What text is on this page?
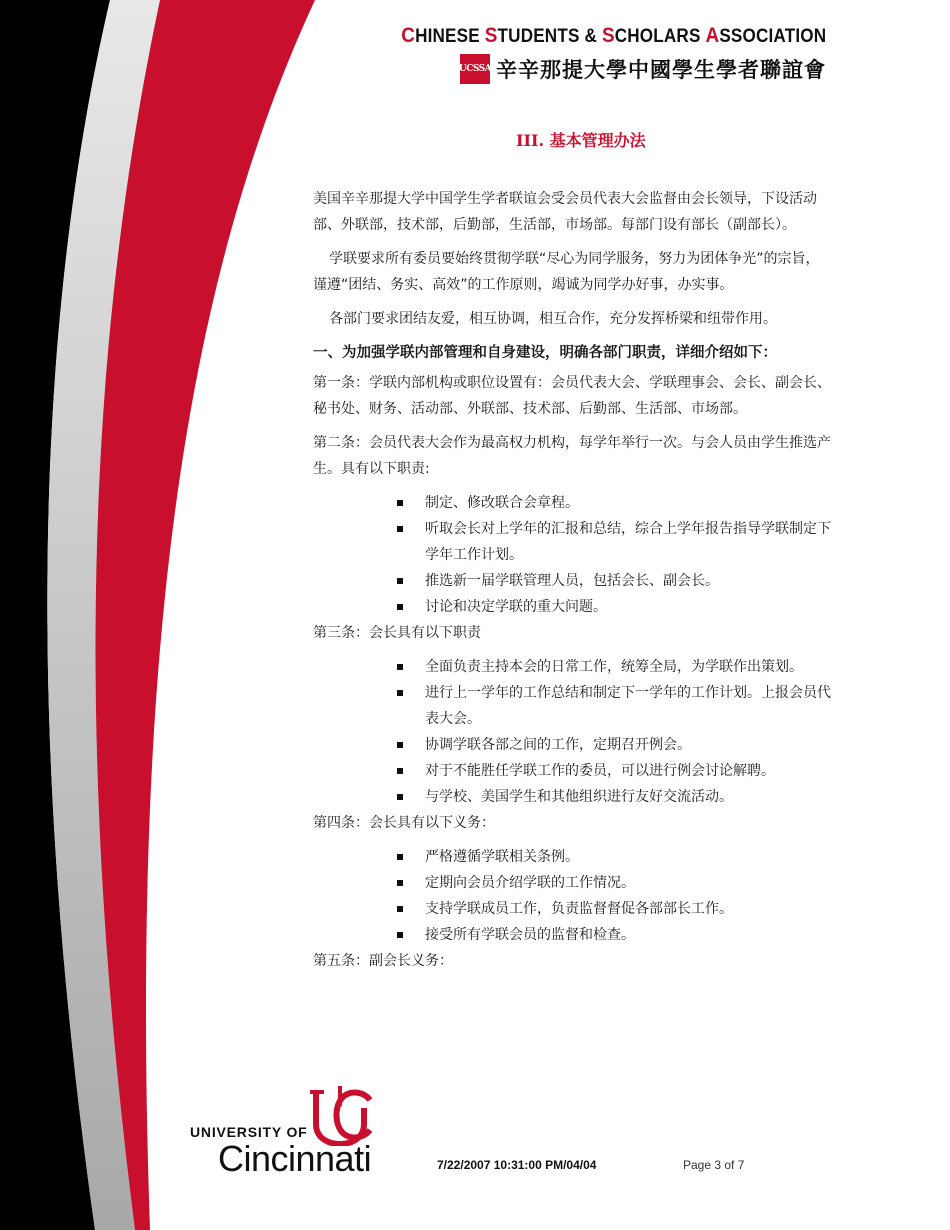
CHINESE STUDENTS & SCHOLARS ASSOCIATION
UCSSA 辛辛那提大學中國學生學者聯誼會
III. 基本管理办法

美国辛辛那提大学中国学生学者联谊会受会员代表大会监督由会长领导，下设活动部、外联部，技术部，后勤部，生活部，市场部。每部门设有部长（副部长）。

学联要求所有委员要始终贯彻学联“尽心为同学服务，努力为团体争光”的宗旨，谨遵“团结、务实、高效”的工作原则，竭诚为同学办好事，办实事。

各部门要求团结友爱，相互协调，相互合作，充分发挥桥梁和纽带作用。

一、为加强学联内部管理和自身建设，明确各部门职责，详细介绍如下：

第一条：学联内部机构或职位设置有：会员代表大会、学联理事会、会长、副会长、秘书处、财务、活动部、外联部、技术部、后勤部、生活部、市场部。

第二条：会员代表大会作为最高权力机构，每学年举行一次。与会人员由学生推选产生。具有以下职责:

制定、修改联合会章程。
听取会长对上学年的汇报和总结，综合上学年报告指导学联制定下学年工作计划。
推选新一届学联管理人员，包括会长、副会长。
讨论和决定学联的重大问题。

第三条：会长具有以下职责

全面负责主持本会的日常工作，统筹全局，为学联作出策划。
进行上一学年的工作总结和制定下一学年的工作计划。上报会员代表大会。
协调学联各部之间的工作，定期召开例会。
对于不能胜任学联工作的委员，可以进行例会讨论解聘。
与学校、美国学生和其他组织进行友好交流活动。

第四条：会长具有以下义务：

严格遵循学联相关条例。
定期向会员介绍学联的工作情况。
支持学联成员工作，负责监督督促各部部长工作。
接受所有学联会员的监督和检查。

第五条：副会长义务：

UNIVERSITY OF
Cincinnati	7/22/2007 10:31:00 PM/04/04	Page 3 of 7
